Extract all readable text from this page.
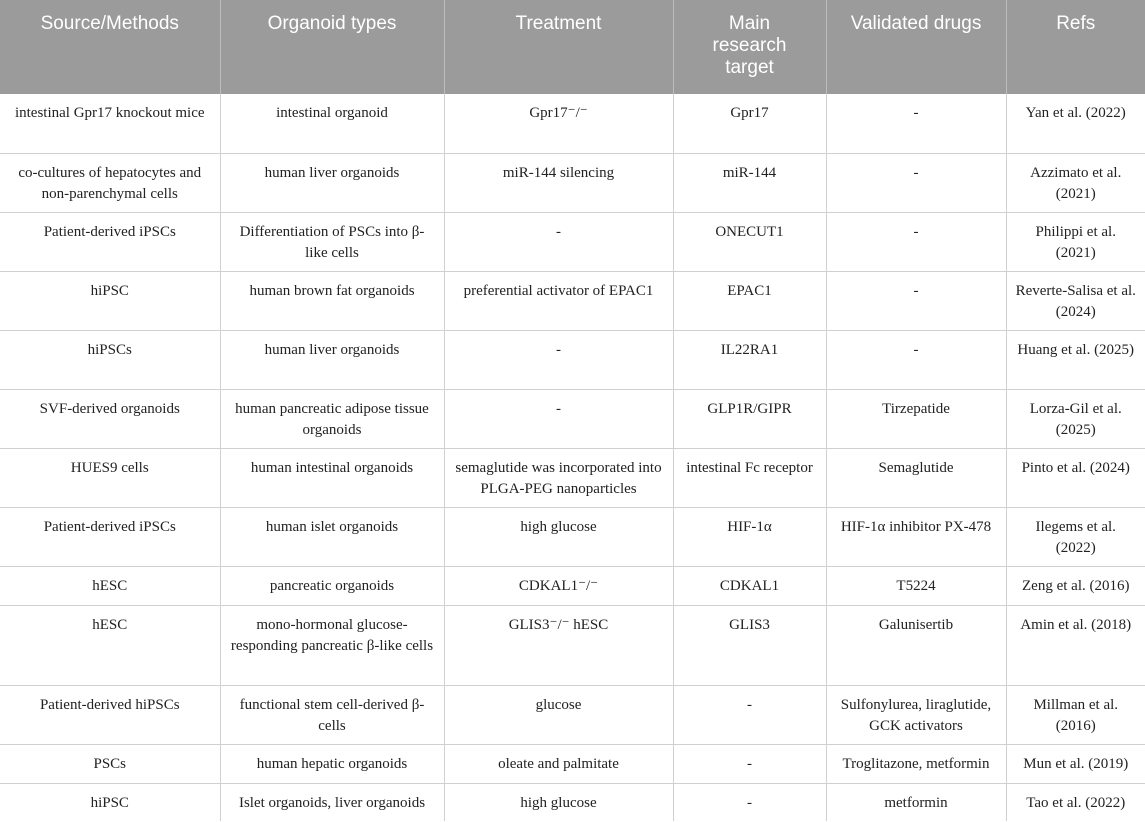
Source/Methods	Organoid types	Treatment	Main research target	Validated drugs	Refs
intestinal Gpr17 knockout mice	intestinal organoid	Gpr17⁻/⁻	Gpr17	-	Yan et al. (2022)
co-cultures of hepatocytes and non-parenchymal cells	human liver organoids	miR-144 silencing	miR-144	-	Azzimato et al. (2021)
Patient-derived iPSCs	Differentiation of PSCs into β-like cells	-	ONECUT1	-	Philippi et al. (2021)
hiPSC	human brown fat organoids	preferential activator of EPAC1	EPAC1	-	Reverte-Salisa et al. (2024)
hiPSCs	human liver organoids	-	IL22RA1	-	Huang et al. (2025)
SVF-derived organoids	human pancreatic adipose tissue organoids	-	GLP1R/GIPR	Tirzepatide	Lorza-Gil et al. (2025)
HUES9 cells	human intestinal organoids	semaglutide was incorporated into PLGA-PEG nanoparticles	intestinal Fc receptor	Semaglutide	Pinto et al. (2024)
Patient-derived iPSCs	human islet organoids	high glucose	HIF-1α	HIF-1α inhibitor PX-478	Ilegems et al. (2022)
hESC	pancreatic organoids	CDKAL1⁻/⁻	CDKAL1	T5224	Zeng et al. (2016)
hESC	mono-hormonal glucose-responding pancreatic β-like cells	GLIS3⁻/⁻ hESC	GLIS3	Galunisertib	Amin et al. (2018)
Patient-derived hiPSCs	functional stem cell-derived β-cells	glucose	-	Sulfonylurea, liraglutide, GCK activators	Millman et al. (2016)
PSCs	human hepatic organoids	oleate and palmitate	-	Troglitazone, metformin	Mun et al. (2019)
hiPSC	Islet organoids, liver organoids	high glucose	-	metformin	Tao et al. (2022)
